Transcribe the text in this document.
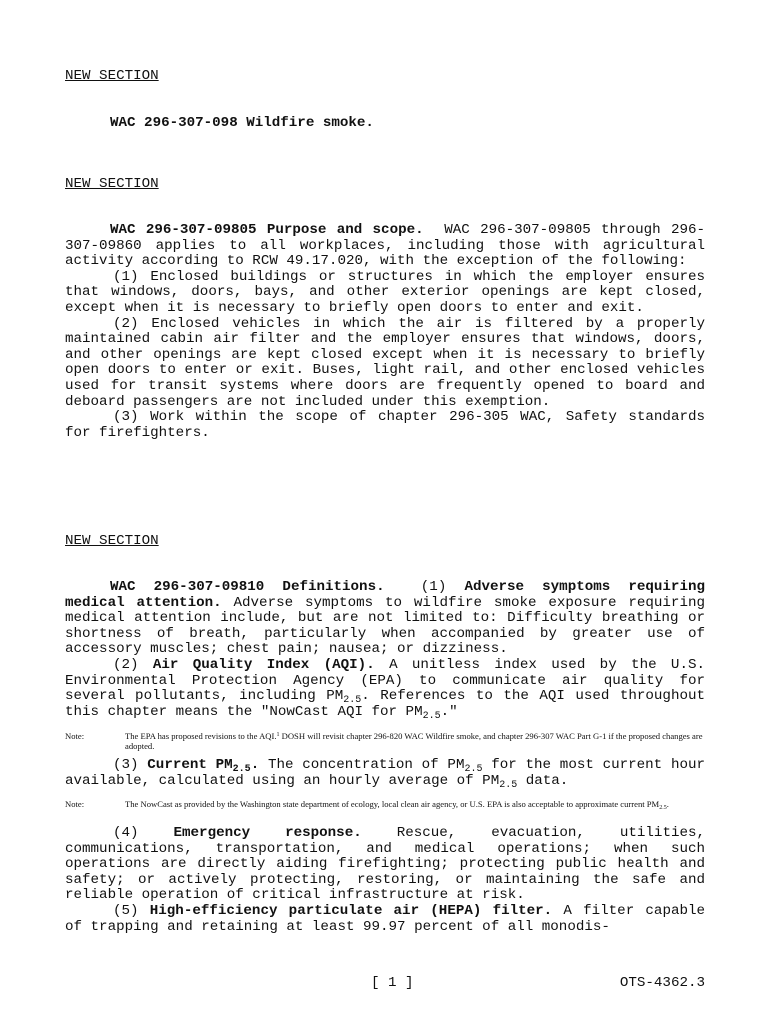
NEW SECTION

WAC 296-307-098 Wildfire smoke.

NEW SECTION

WAC 296-307-09805 Purpose and scope. WAC 296-307-09805 through 296-307-09860 applies to all workplaces, including those with agricultural activity according to RCW 49.17.020, with the exception of the following:

(1) Enclosed buildings or structures in which the employer ensures that windows, doors, bays, and other exterior openings are kept closed, except when it is necessary to briefly open doors to enter and exit.

(2) Enclosed vehicles in which the air is filtered by a properly maintained cabin air filter and the employer ensures that windows, doors, and other openings are kept closed except when it is necessary to briefly open doors to enter or exit. Buses, light rail, and other enclosed vehicles used for transit systems where doors are frequently opened to board and deboard passengers are not included under this exemption.

(3) Work within the scope of chapter 296-305 WAC, Safety standards for firefighters.

NEW SECTION

WAC 296-307-09810 Definitions.	(1) Adverse symptoms requiring medical attention. Adverse symptoms to wildfire smoke exposure requiring medical attention include, but are not limited to: Difficulty breathing or shortness of breath, particularly when accompanied by greater use of accessory muscles; chest pain; nausea; or dizziness.

(2) Air Quality Index (AQI). A unitless index used by the U.S. Environmental Protection Agency (EPA) to communicate air quality for several pollutants, including $PM_{2.5}$. References to the AQI used throughout this chapter means the "NowCast AQI for $PM_{2.5}$."

Note:	The EPA has proposed revisions to the AQI.$^1$ DOSH will revisit chapter 296-820 WAC Wildfire smoke, and chapter 296-307 WAC Part G-1 if the proposed changes are adopted.

(3) Current $PM_{2.5}$. The concentration of $PM_{2.5}$ for the most current hour available, calculated using an hourly average of $PM_{2.5}$ data.

Note:	The NowCast as provided by the Washington state department of ecology, local clean air agency, or U.S. EPA is also acceptable to approximate current $PM_{2.5}$.

(4) Emergency response. Rescue, evacuation, utilities, communications, transportation, and medical operations; when such operations are directly aiding firefighting; protecting public health and safety; or actively protecting, restoring, or maintaining the safe and reliable operation of critical infrastructure at risk.

(5) High-efficiency particulate air (HEPA) filter. A filter capable of trapping and retaining at least 99.97 percent of all monodis-

[ 1 ]	OTS-4362.3
